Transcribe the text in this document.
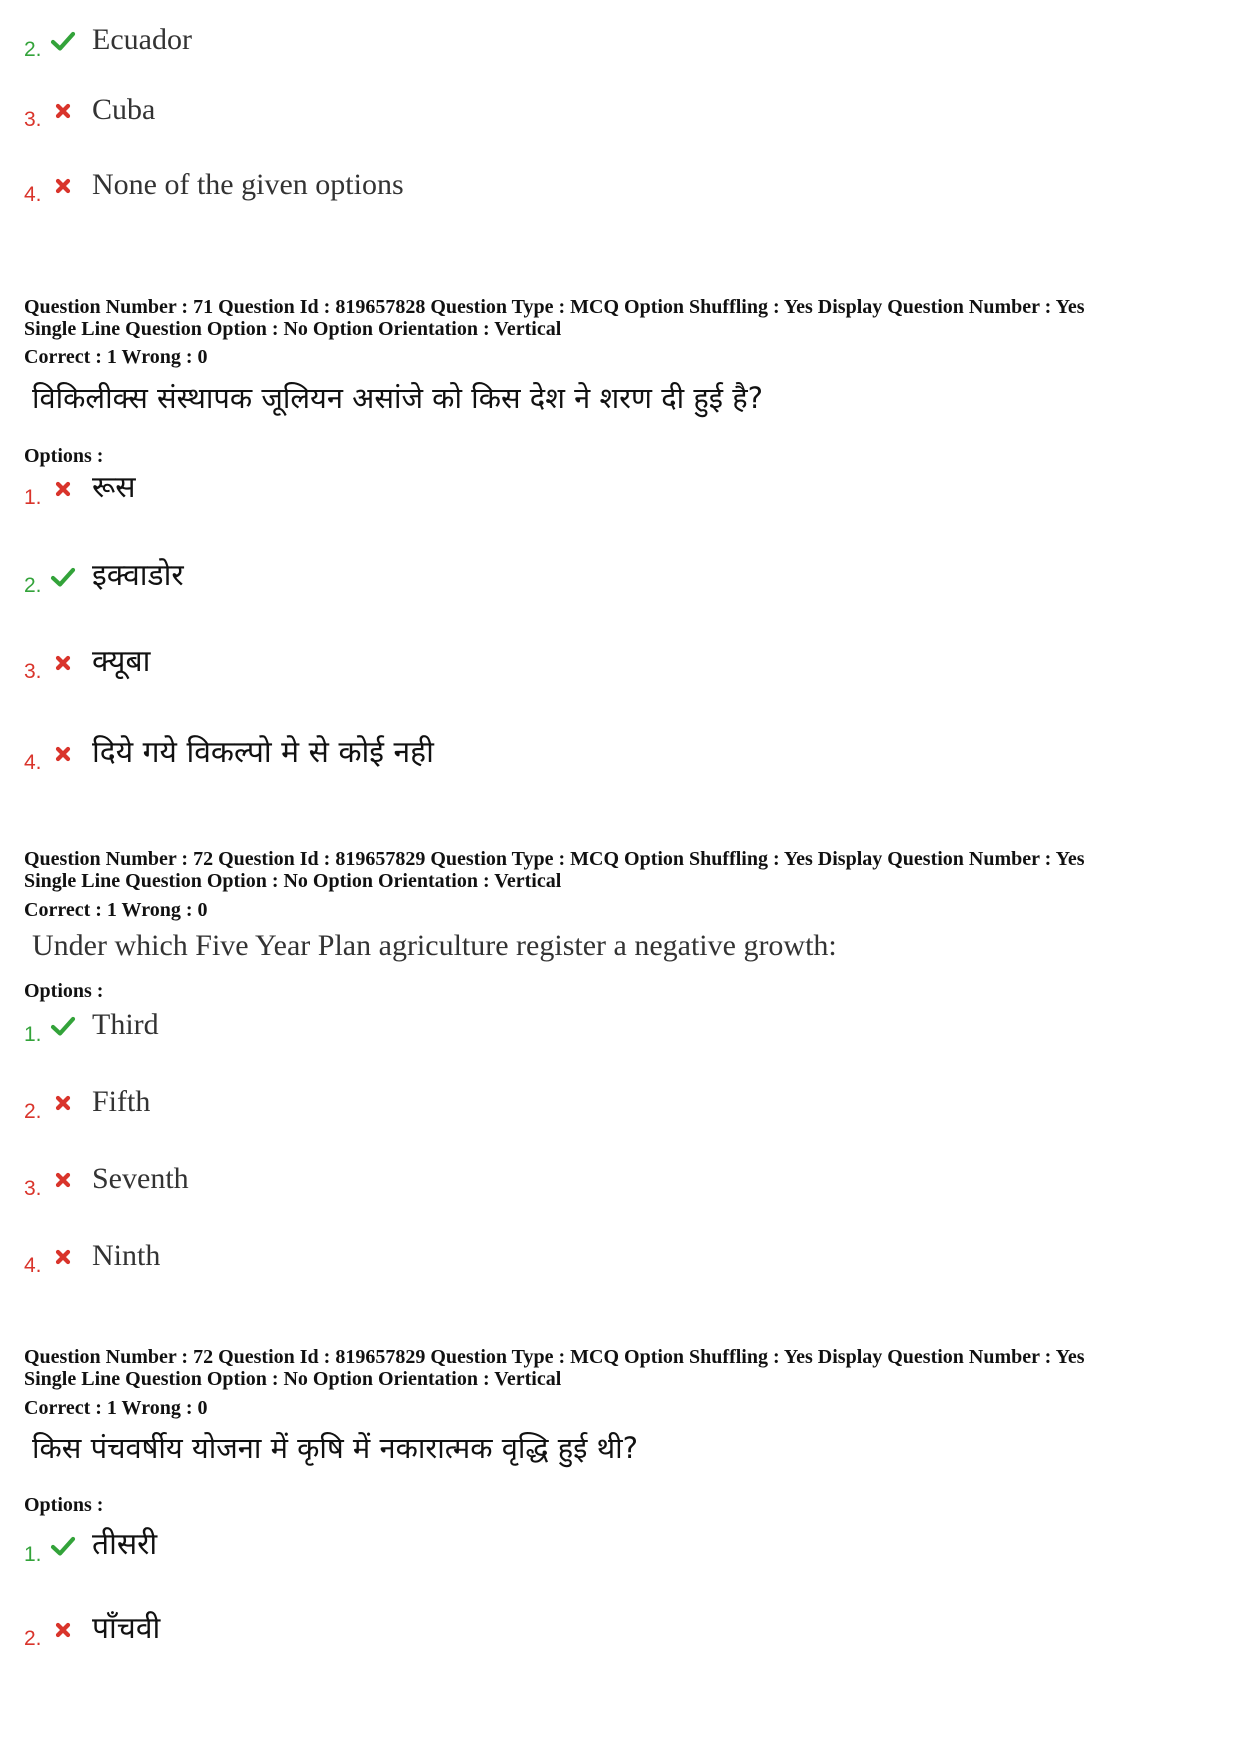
2. Ecuador
3. Cuba
4. None of the given options
Question Number : 71 Question Id : 819657828 Question Type : MCQ Option Shuffling : Yes Display Question Number : Yes
Single Line Question Option : No Option Orientation : Vertical
Correct : 1 Wrong : 0
विकिलीक्स संस्थापक जूलियन असांजे को किस देश ने शरण दी हुई है?
Options :
1. रूस
2. इक्वाडोर
3. क्यूबा
4. दिये गये विकल्पो मे से कोई नही
Question Number : 72 Question Id : 819657829 Question Type : MCQ Option Shuffling : Yes Display Question Number : Yes
Single Line Question Option : No Option Orientation : Vertical
Correct : 1 Wrong : 0
Under which Five Year Plan agriculture register a negative growth:
Options :
1. Third
2. Fifth
3. Seventh
4. Ninth
Question Number : 72 Question Id : 819657829 Question Type : MCQ Option Shuffling : Yes Display Question Number : Yes
Single Line Question Option : No Option Orientation : Vertical
Correct : 1 Wrong : 0
किस पंचवर्षीय योजना में कृषि में नकारात्मक वृद्धि हुई थी?
Options :
1. तीसरी
2. पाँचवी
